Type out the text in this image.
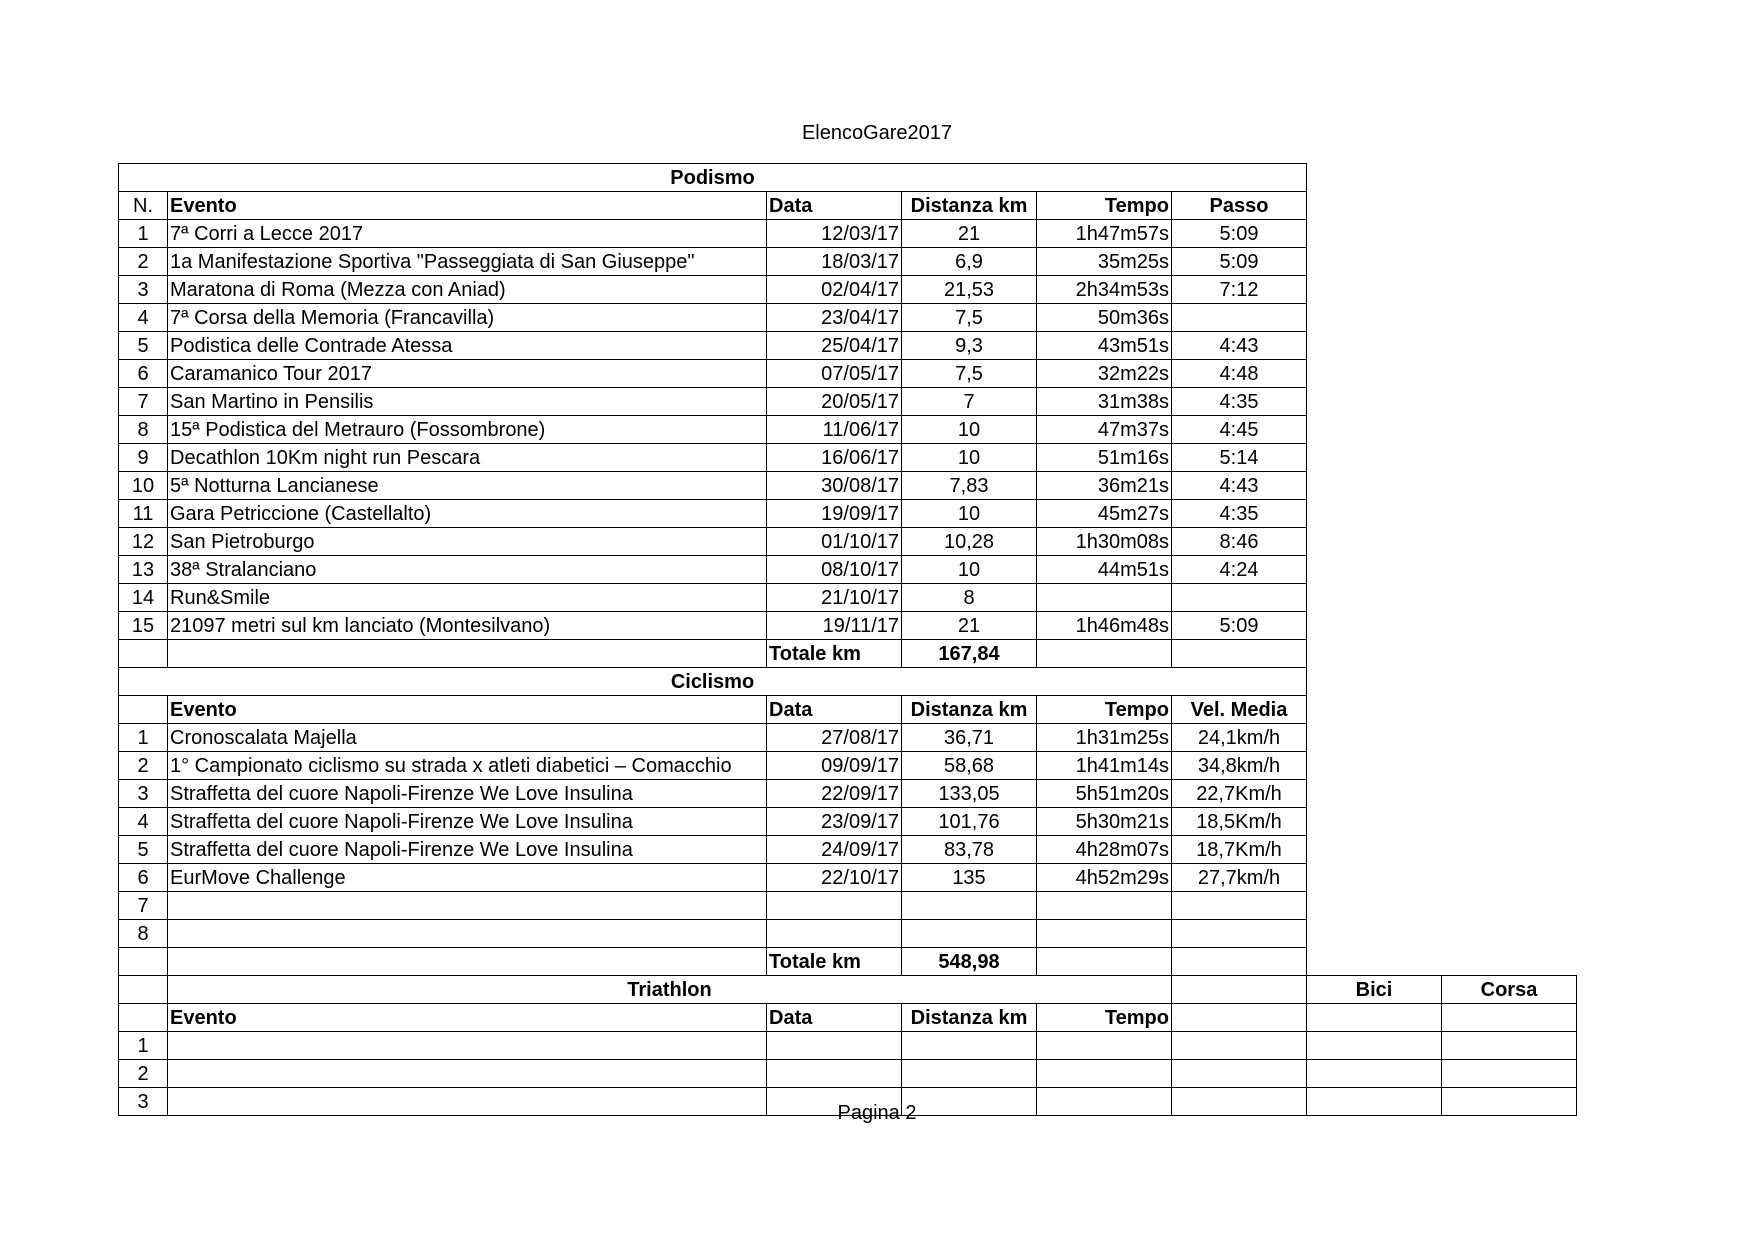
ElencoGare2017
Podismo							
N.	Evento	Data	Distanza km	Tempo	Passo		
1	7ª Corri a Lecce 2017	12/03/17	21	1h47m57s	5:09		
2	1a Manifestazione Sportiva "Passeggiata di San Giuseppe"	18/03/17	6,9	35m25s	5:09		
3	Maratona di Roma (Mezza con Aniad)	02/04/17	21,53	2h34m53s	7:12		
4	7ª Corsa della Memoria (Francavilla)	23/04/17	7,5	50m36s			
5	Podistica delle Contrade Atessa	25/04/17	9,3	43m51s	4:43		
6	Caramanico Tour 2017	07/05/17	7,5	32m22s	4:48		
7	San Martino in Pensilis	20/05/17	7	31m38s	4:35		
8	15ª Podistica del Metrauro (Fossombrone)	11/06/17	10	47m37s	4:45		
9	Decathlon 10Km night run Pescara	16/06/17	10	51m16s	5:14		
10	5ª Notturna Lancianese	30/08/17	7,83	36m21s	4:43		
11	Gara Petriccione (Castellalto)	19/09/17	10	45m27s	4:35		
12	San Pietroburgo	01/10/17	10,28	1h30m08s	8:46		
13	38ª Stralanciano	08/10/17	10	44m51s	4:24		
14	Run&Smile	21/10/17	8				
15	21097 metri sul km lanciato (Montesilvano)	19/11/17	21	1h46m48s	5:09		
		Totale km	167,84				
Ciclismo							
	Evento	Data	Distanza km	Tempo	Vel. Media		
1	Cronoscalata Majella	27/08/17	36,71	1h31m25s	24,1km/h		
2	1° Campionato ciclismo su strada x atleti diabetici – Comacchio	09/09/17	58,68	1h41m14s	34,8km/h		
3	Straffetta del cuore Napoli-Firenze We Love Insulina	22/09/17	133,05	5h51m20s	22,7Km/h		
4	Straffetta del cuore Napoli-Firenze We Love Insulina	23/09/17	101,76	5h30m21s	18,5Km/h		
5	Straffetta del cuore Napoli-Firenze We Love Insulina	24/09/17	83,78	4h28m07s	18,7Km/h		
6	EurMove Challenge	22/10/17	135	4h52m29s	27,7km/h		
7							
8							
		Totale km	548,98				
	Triathlon					Bici	Corsa
	Evento	Data	Distanza km	Tempo			
1							
2							
3							
Pagina 2
